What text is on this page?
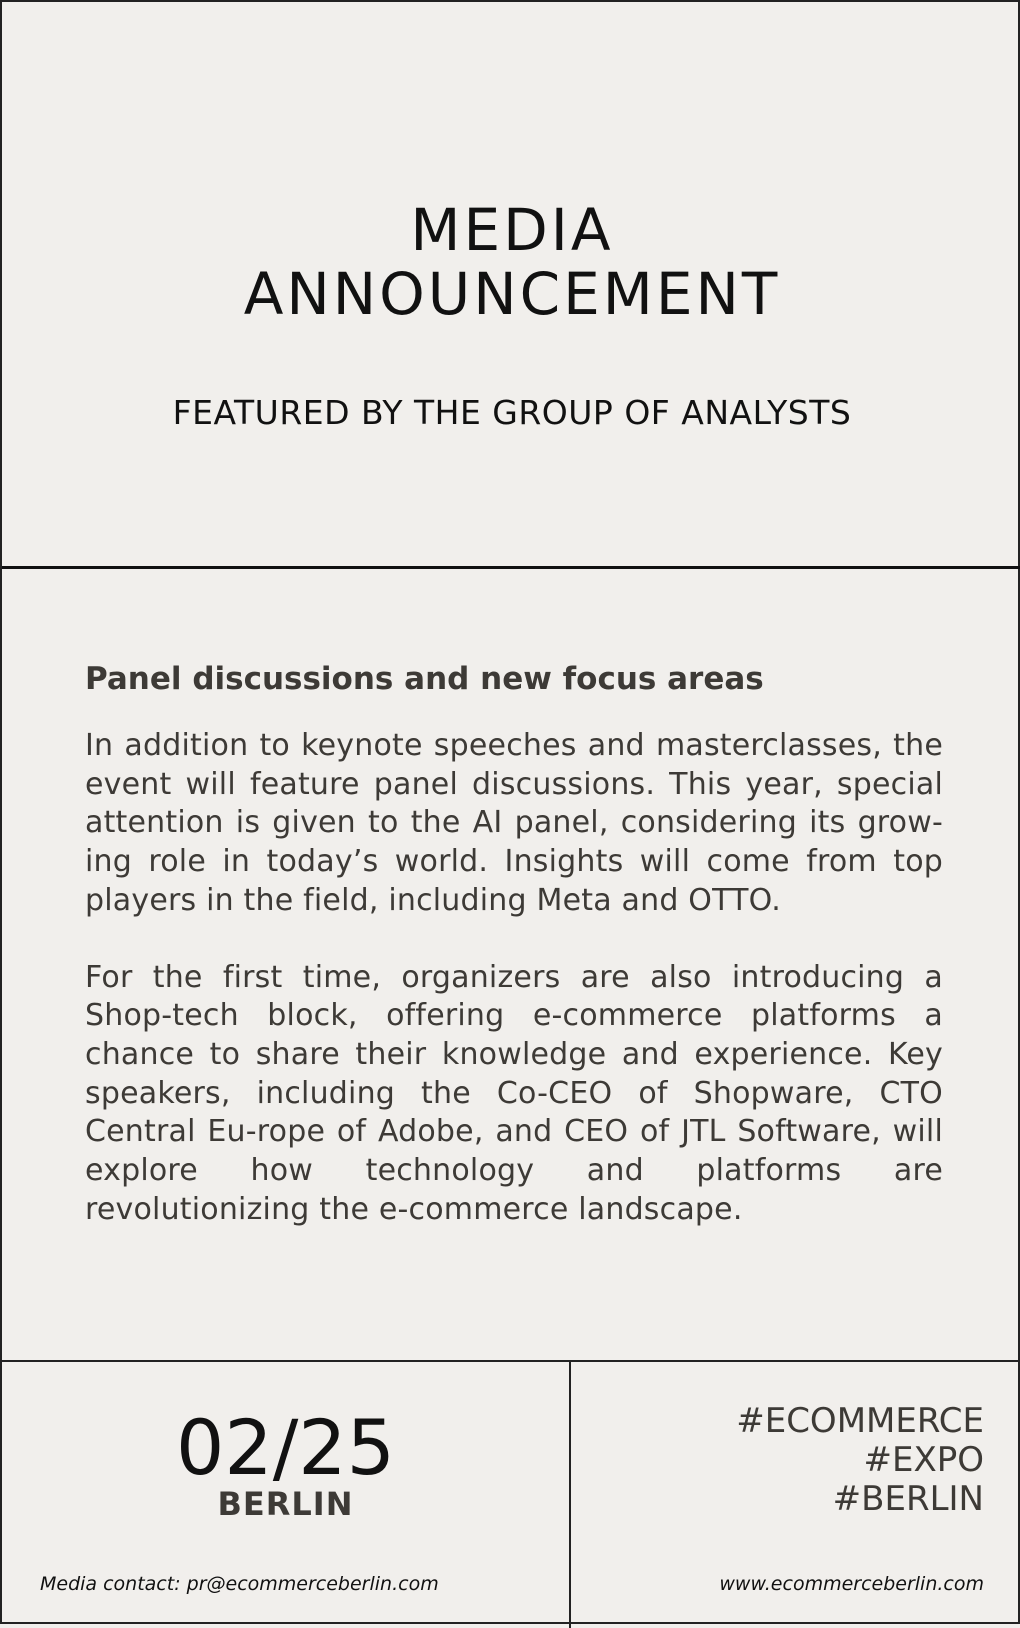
MEDIA
ANNOUNCEMENT
FEATURED BY THE GROUP OF ANALYSTS
Panel discussions and new focus areas

In addition to keynote speeches and masterclasses, the event will feature panel discussions. This year, special attention is given to the AI panel, considering its grow-ing role in today’s world. Insights will come from top players in the field, including Meta and OTTO.

For the first time, organizers are also introducing a Shop-tech block, offering e-commerce platforms a chance to share their knowledge and experience. Key speakers, including the Co-CEO of Shopware, CTO Central Eu-rope of Adobe, and CEO of JTL Software, will explore how technology and platforms are revolutionizing the e-commerce landscape.

02/25
BERLIN
Media contact: pr@ecommerceberlin.com
#ECOMMERCE
#EXPO
#BERLIN
www.ecommerceberlin.com
